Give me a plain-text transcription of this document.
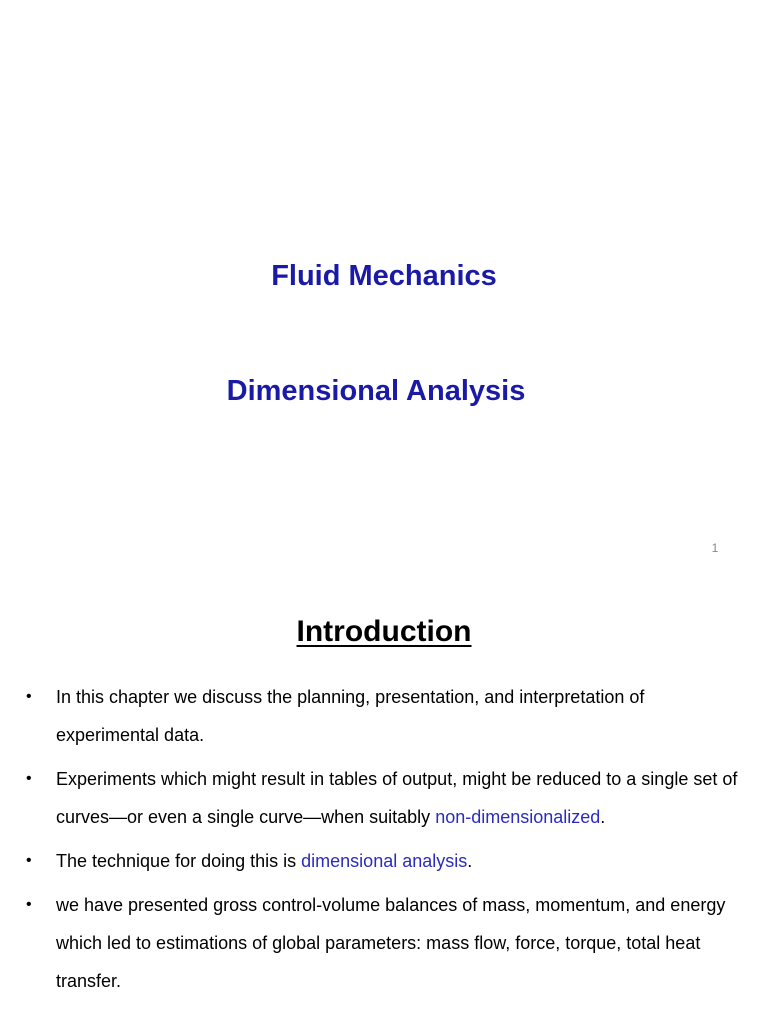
Fluid Mechanics
Dimensional Analysis
1
Introduction
• In this chapter we discuss the planning, presentation, and interpretation of experimental data.
• Experiments which might result in tables of output, might be reduced to a single set of curves—or even a single curve—when suitably non-dimensionalized.
• The technique for doing this is dimensional analysis.
• we have presented gross control-volume balances of mass, momentum, and energy which led to estimations of global parameters: mass flow, force, torque, total heat transfer.
